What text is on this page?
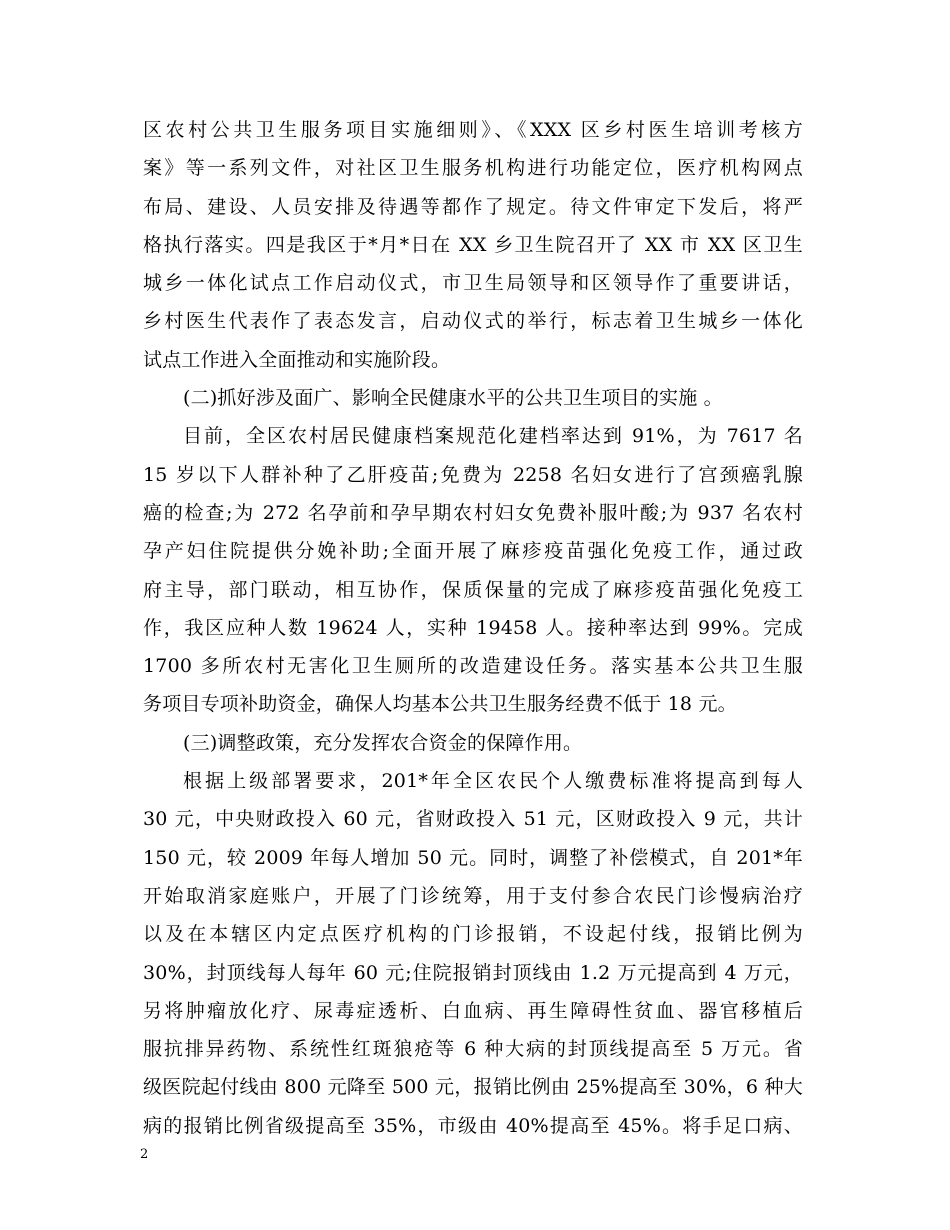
区农村公共卫生服务项目实施细则》、《XXX 区乡村医生培训考核方
案》等一系列文件，对社区卫生服务机构进行功能定位，医疗机构网点
布局、建设、人员安排及待遇等都作了规定。待文件审定下发后，将严
格执行落实。四是我区于*月*日在 XX 乡卫生院召开了 XX 市 XX 区卫生
城乡一体化试点工作启动仪式，市卫生局领导和区领导作了重要讲话，
乡村医生代表作了表态发言，启动仪式的举行，标志着卫生城乡一体化
试点工作进入全面推动和实施阶段。
(二)抓好涉及面广、影响全民健康水平的公共卫生项目的实施 。
目前，全区农村居民健康档案规范化建档率达到 91%，为 7617 名
15 岁以下人群补种了乙肝疫苗;免费为 2258 名妇女进行了宫颈癌乳腺
癌的检查;为 272 名孕前和孕早期农村妇女免费补服叶酸;为 937 名农村
孕产妇住院提供分娩补助;全面开展了麻疹疫苗强化免疫工作，通过政
府主导，部门联动，相互协作，保质保量的完成了麻疹疫苗强化免疫工
作，我区应种人数 19624 人，实种 19458 人。接种率达到 99%。完成
1700 多所农村无害化卫生厕所的改造建设任务。落实基本公共卫生服
务项目专项补助资金，确保人均基本公共卫生服务经费不低于 18 元。
(三)调整政策，充分发挥农合资金的保障作用。
根据上级部署要求，201*年全区农民个人缴费标准将提高到每人
30 元，中央财政投入 60 元，省财政投入 51 元，区财政投入 9 元，共计
150 元，较 2009 年每人增加 50 元。同时，调整了补偿模式，自 201*年
开始取消家庭账户，开展了门诊统筹，用于支付参合农民门诊慢病治疗
以及在本辖区内定点医疗机构的门诊报销，不设起付线，报销比例为
30%，封顶线每人每年 60 元;住院报销封顶线由 1.2 万元提高到 4 万元，
另将肿瘤放化疗、尿毒症透析、白血病、再生障碍性贫血、器官移植后
服抗排异药物、系统性红斑狼疮等 6 种大病的封顶线提高至 5 万元。省
级医院起付线由 800 元降至 500 元，报销比例由 25%提高至 30%，6 种大
病的报销比例省级提高至 35%，市级由 40%提高至 45%。将手足口病、
2
